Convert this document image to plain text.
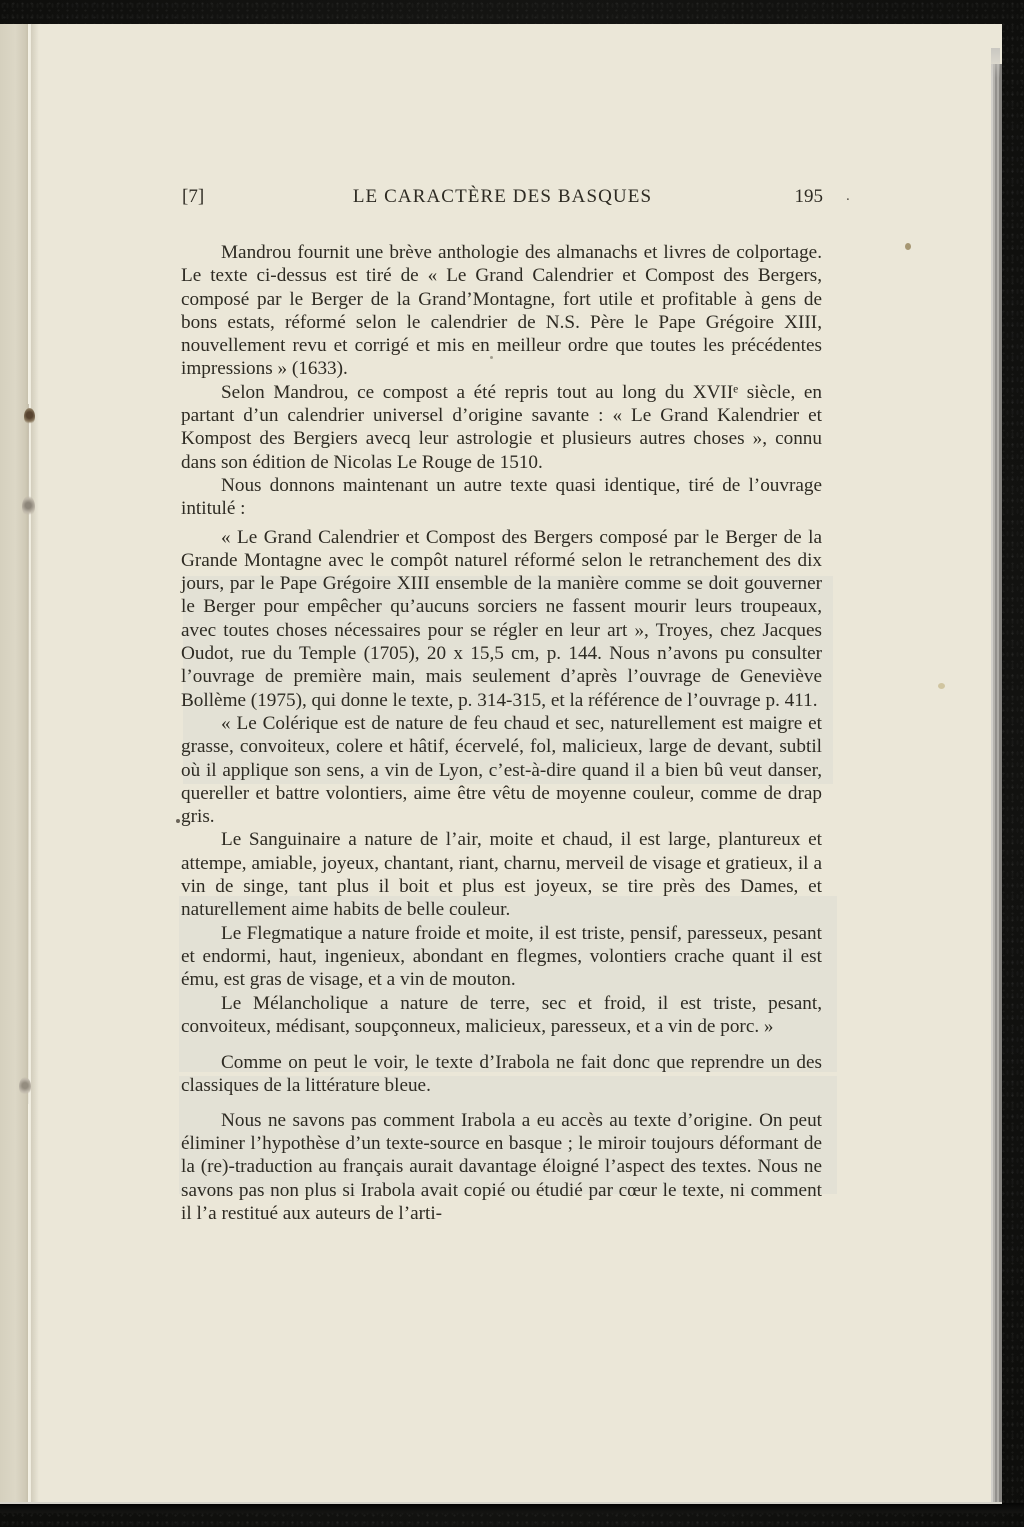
[7]	LE CARACTÈRE DES BASQUES	.
195

Mandrou fournit une brève anthologie des almanachs et livres de colportage. Le texte ci-dessus est tiré de « Le Grand Calendrier et Compost des Bergers, composé par le Berger de la Grand’Montagne, fort utile et profitable à gens de bons estats, réformé selon le calendrier de N.S. Père le Pape Grégoire XIII, nouvellement revu et corrigé et mis en meilleur ordre que toutes les précédentes impressions » (1633).

Selon Mandrou, ce compost a été repris tout au long du XVIIᵉ siècle, en partant d’un calendrier universel d’origine savante : « Le Grand Kalendrier et Kompost des Bergiers avecq leur astrologie et plusieurs autres choses », connu dans son édition de Nicolas Le Rouge de 1510.

Nous donnons maintenant un autre texte quasi identique, tiré de l’ouvrage intitulé :

« Le Grand Calendrier et Compost des Bergers composé par le Berger de la Grande Montagne avec le compôt naturel réformé selon le retranchement des dix jours, par le Pape Grégoire XIII ensemble de la manière comme se doit gouverner le Berger pour empêcher qu’aucuns sorciers ne fassent mourir leurs troupeaux, avec toutes choses nécessaires pour se régler en leur art », Troyes, chez Jacques Oudot, rue du Temple (1705), 20 x 15,5 cm, p. 144. Nous n’avons pu consulter l’ouvrage de première main, mais seulement d’après l’ouvrage de Geneviève Bollème (1975), qui donne le texte, p. 314-315, et la référence de l’ouvrage p. 411.

« Le Colérique est de nature de feu chaud et sec, naturellement est maigre et grasse, convoiteux, colere et hâtif, écervelé, fol, malicieux, large de devant, subtil où il applique son sens, a vin de Lyon, c’est-à-dire quand il a bien bû veut danser, quereller et battre volontiers, aime être vêtu de moyenne couleur, comme de drap gris.

Le Sanguinaire a nature de l’air, moite et chaud, il est large, plantureux et attempe, amiable, joyeux, chantant, riant, charnu, merveil de visage et gratieux, il a vin de singe, tant plus il boit et plus est joyeux, se tire près des Dames, et naturellement aime habits de belle couleur.

Le Flegmatique a nature froide et moite, il est triste, pensif, paresseux, pesant et endormi, haut, ingenieux, abondant en flegmes, volontiers crache quant il est ému, est gras de visage, et a vin de mouton.

Le Mélancholique a nature de terre, sec et froid, il est triste, pesant, convoiteux, médisant, soupçonneux, malicieux, paresseux, et a vin de porc. »

Comme on peut le voir, le texte d’Irabola ne fait donc que reprendre un des classiques de la littérature bleue.

Nous ne savons pas comment Irabola a eu accès au texte d’origine. On peut éliminer l’hypothèse d’un texte-source en basque ; le miroir toujours déformant de la (re)-traduction au français aurait davantage éloigné l’aspect des textes. Nous ne savons pas non plus si Irabola avait copié ou étudié par cœur le texte, ni comment il l’a restitué aux auteurs de l’arti-
